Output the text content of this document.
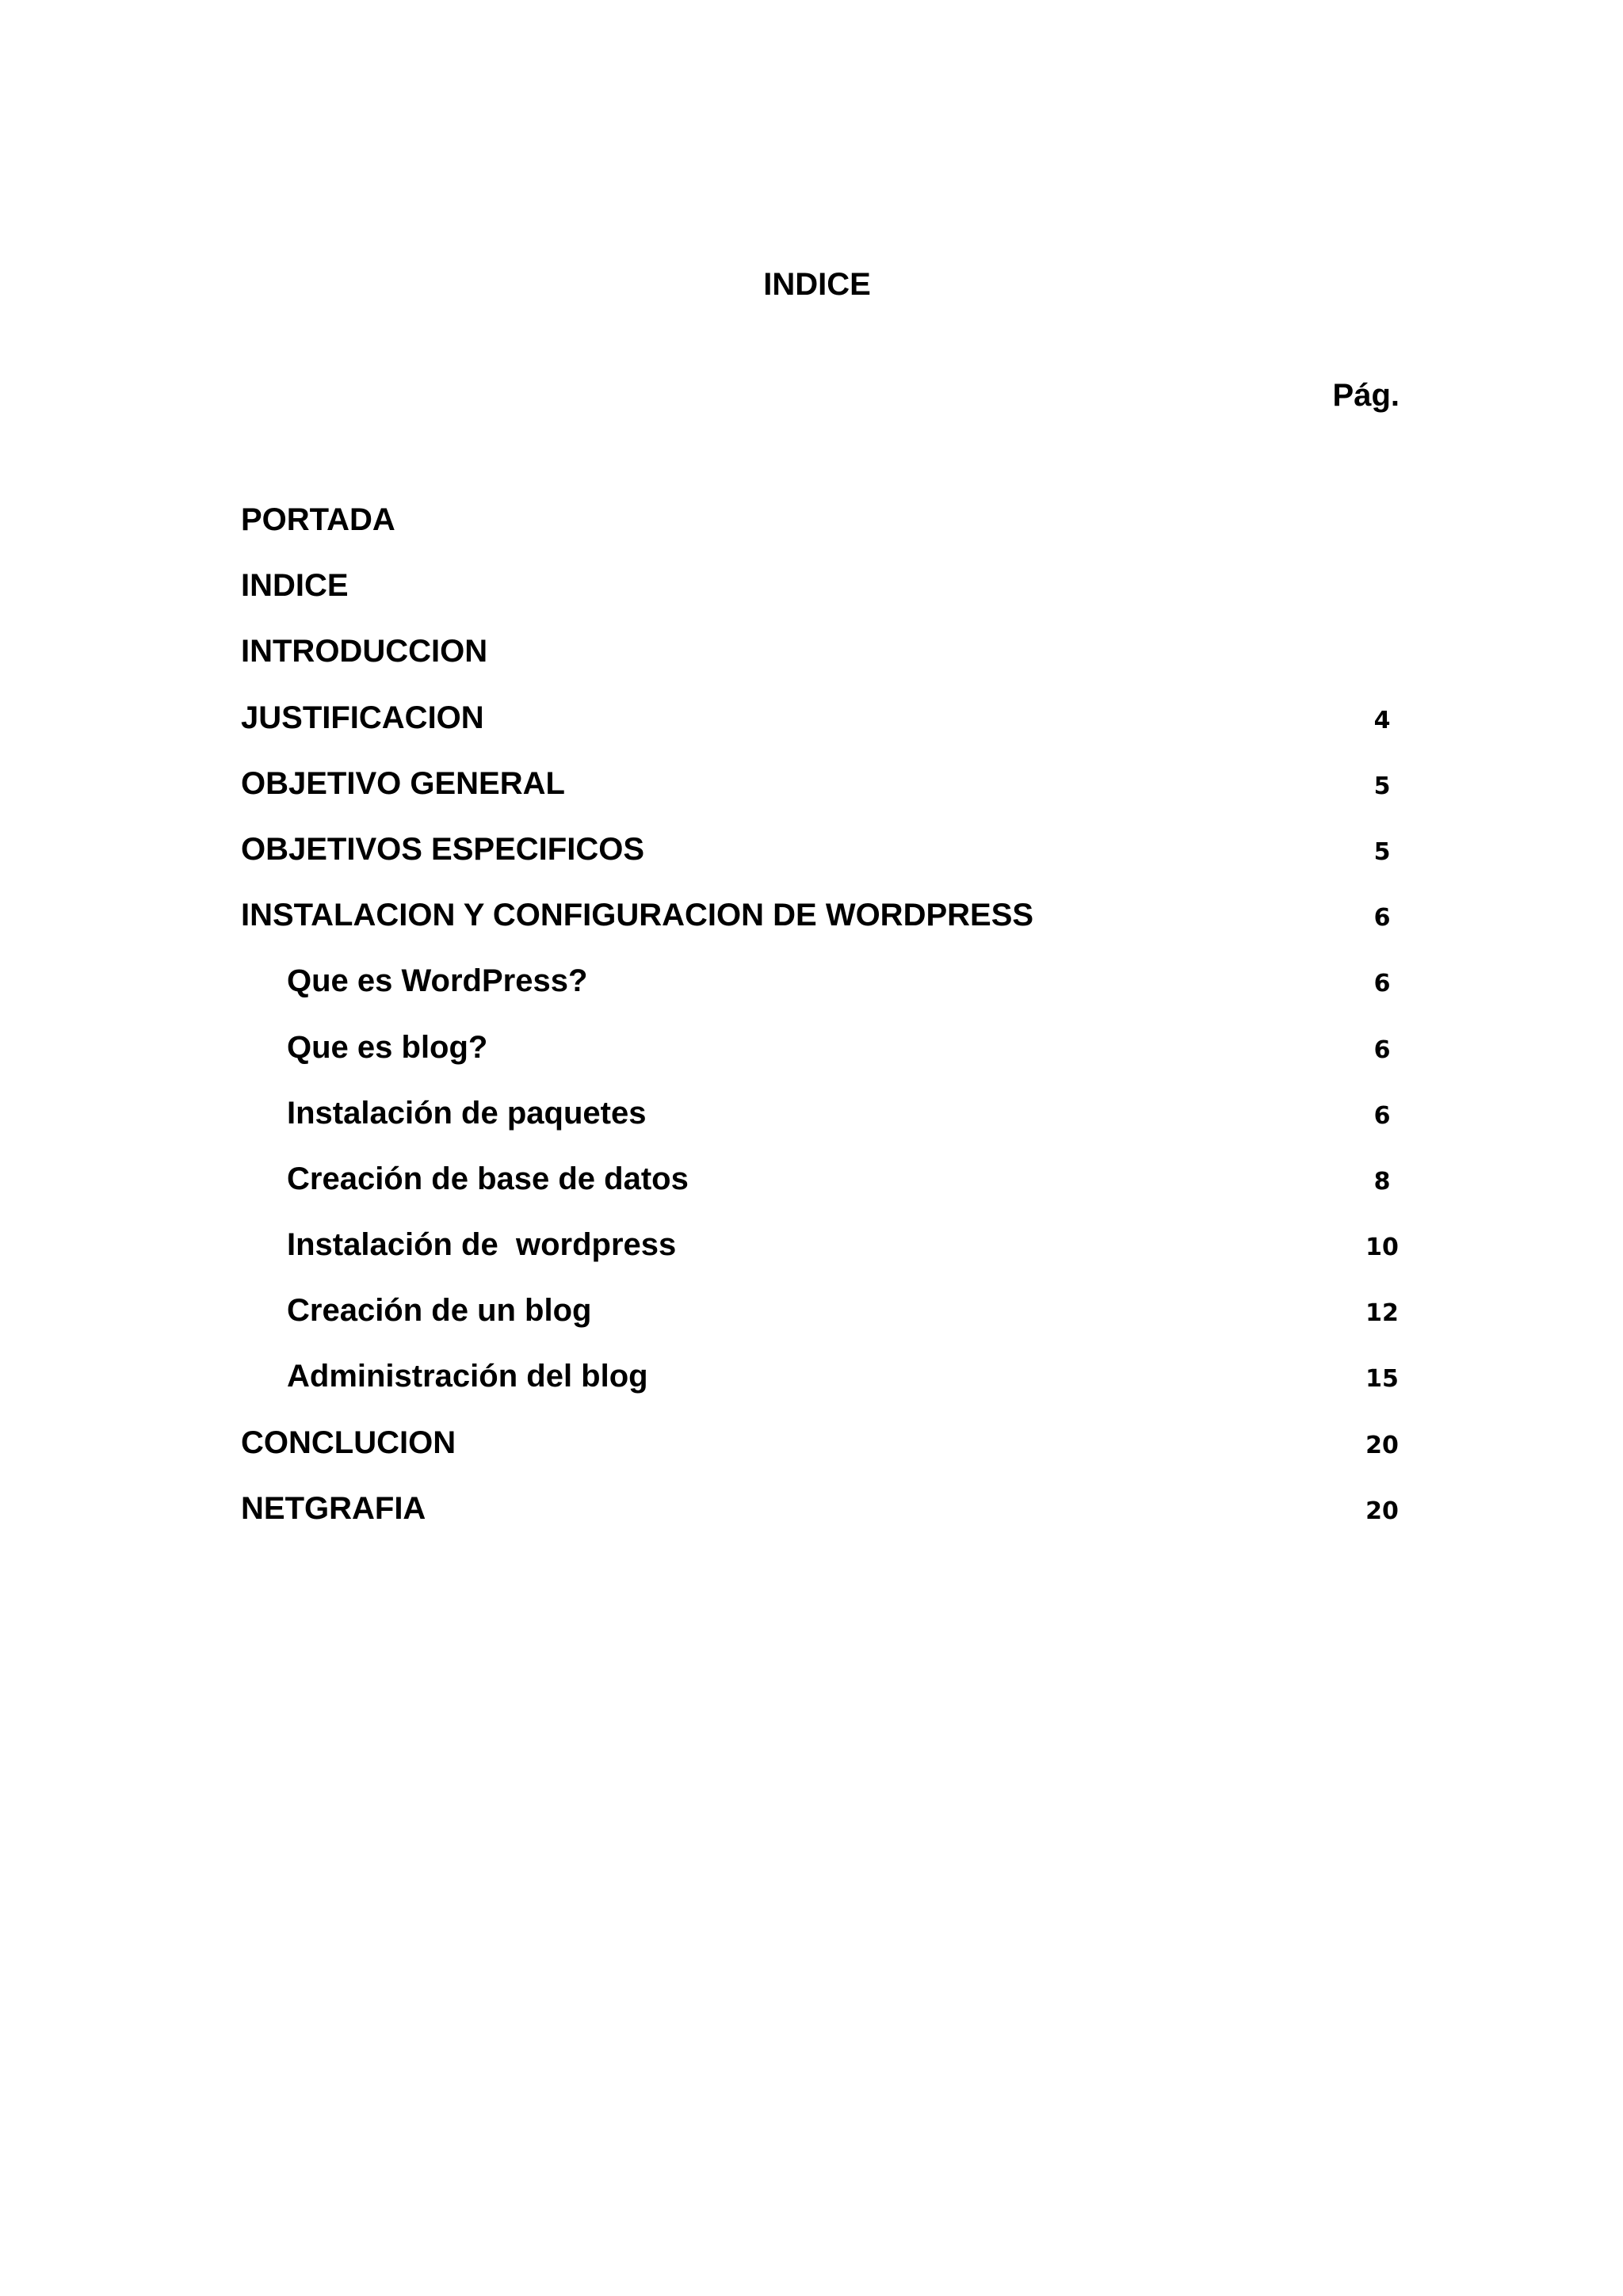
INDICE
Pág.
PORTADA
INDICE
INTRODUCCION
JUSTIFICACION	4
OBJETIVO GENERAL	5
OBJETIVOS ESPECIFICOS	5
INSTALACION Y CONFIGURACION DE WORDPRESS	6
Que es WordPress?	6
Que es blog?	6
Instalación de paquetes	6
Creación de base de datos	8
Instalación de  wordpress	10
Creación de un blog	12
Administración del blog	15
CONCLUCION	20
NETGRAFIA	20
